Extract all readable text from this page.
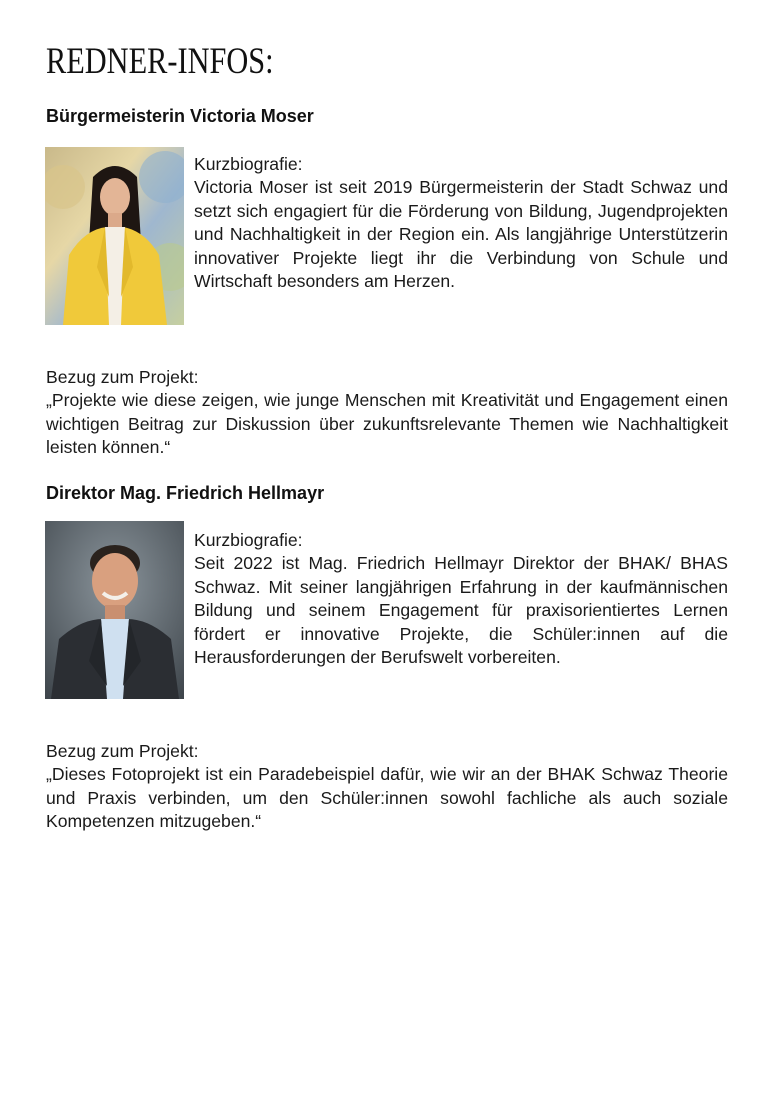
REDNER-INFOS:
Bürgermeisterin Victoria Moser
Kurzbiografie:
Victoria Moser ist seit 2019 Bürgermeisterin der Stadt Schwaz und setzt sich engagiert für die Förderung von Bildung, Jugendprojekten und Nachhaltigkeit in der Region ein. Als langjährige Unterstützerin innovativer Projekte liegt ihr die Verbindung von Schule und Wirtschaft besonders am Herzen.
Bezug zum Projekt:
„Projekte wie diese zeigen, wie junge Menschen mit Kreativität und Engagement einen wichtigen Beitrag zur Diskussion über zukunftsrelevante Themen wie Nachhaltigkeit leisten können.“
Direktor Mag. Friedrich Hellmayr
Kurzbiografie:
Seit 2022 ist Mag. Friedrich Hellmayr Direktor der BHAK/ BHAS Schwaz. Mit seiner langjährigen Erfahrung in der kaufmännischen Bildung und seinem Engagement für praxisorientiertes Lernen fördert er innovative Projekte, die Schüler:innen auf die Herausforderungen der Berufswelt vorbereiten.
Bezug zum Projekt:
„Dieses Fotoprojekt ist ein Paradebeispiel dafür, wie wir an der BHAK Schwaz Theorie und Praxis verbinden, um den Schüler:innen sowohl fachliche als auch soziale Kompetenzen mitzugeben.“
